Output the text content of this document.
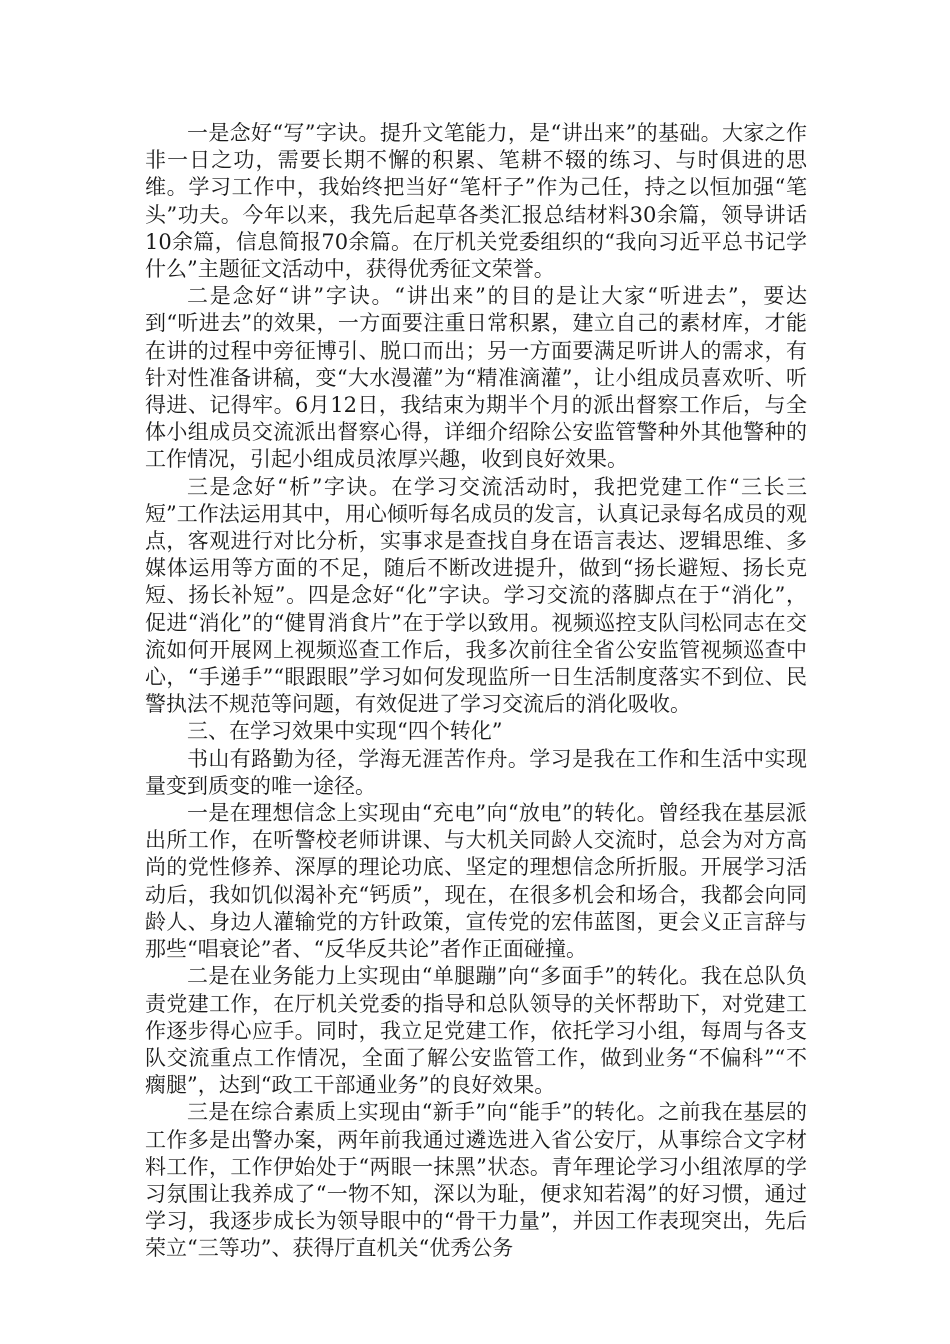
一是念好“写”字诀。提升文笔能力，是“讲出来”的基础。大家之作非一日之功，需要长期不懈的积累、笔耕不辍的练习、与时俱进的思维。学习工作中，我始终把当好“笔杆子”作为己任，持之以恒加强“笔头”功夫。今年以来，我先后起草各类汇报总结材料30余篇，领导讲话10余篇，信息简报70余篇。在厅机关党委组织的“我向习近平总书记学什么”主题征文活动中，获得优秀征文荣誉。

二是念好“讲”字诀。“讲出来”的目的是让大家“听进去”，要达到“听进去”的效果，一方面要注重日常积累，建立自己的素材库，才能在讲的过程中旁征博引、脱口而出；另一方面要满足听讲人的需求，有针对性准备讲稿，变“大水漫灌”为“精准滴灌”，让小组成员喜欢听、听得进、记得牢。6月12日，我结束为期半个月的派出督察工作后，与全体小组成员交流派出督察心得，详细介绍除公安监管警种外其他警种的工作情况，引起小组成员浓厚兴趣，收到良好效果。

三是念好“析”字诀。在学习交流活动时，我把党建工作“三长三短”工作法运用其中，用心倾听每名成员的发言，认真记录每名成员的观点，客观进行对比分析，实事求是查找自身在语言表达、逻辑思维、多媒体运用等方面的不足，随后不断改进提升，做到“扬长避短、扬长克短、扬长补短”。四是念好“化”字诀。学习交流的落脚点在于“消化”，促进“消化”的“健胃消食片”在于学以致用。视频巡控支队闫松同志在交流如何开展网上视频巡查工作后，我多次前往全省公安监管视频巡查中心，“手递手”“眼跟眼”学习如何发现监所一日生活制度落实不到位、民警执法不规范等问题，有效促进了学习交流后的消化吸收。

三、在学习效果中实现“四个转化”

书山有路勤为径，学海无涯苦作舟。学习是我在工作和生活中实现量变到质变的唯一途径。

一是在理想信念上实现由“充电”向“放电”的转化。曾经我在基层派出所工作，在听警校老师讲课、与大机关同龄人交流时，总会为对方高尚的党性修养、深厚的理论功底、坚定的理想信念所折服。开展学习活动后，我如饥似渴补充“钙质”，现在，在很多机会和场合，我都会向同龄人、身边人灌输党的方针政策，宣传党的宏伟蓝图，更会义正言辞与那些“唱衰论”者、“反华反共论”者作正面碰撞。

二是在业务能力上实现由“单腿蹦”向“多面手”的转化。我在总队负责党建工作，在厅机关党委的指导和总队领导的关怀帮助下，对党建工作逐步得心应手。同时，我立足党建工作，依托学习小组，每周与各支队交流重点工作情况，全面了解公安监管工作，做到业务“不偏科”“不瘸腿”，达到“政工干部通业务”的良好效果。

三是在综合素质上实现由“新手”向“能手”的转化。之前我在基层的工作多是出警办案，两年前我通过遴选进入省公安厅，从事综合文字材料工作，工作伊始处于“两眼一抹黑”状态。青年理论学习小组浓厚的学习氛围让我养成了“一物不知，深以为耻，便求知若渴”的好习惯，通过学习，我逐步成长为领导眼中的“骨干力量”，并因工作表现突出，先后荣立“三等功”、获得厅直机关“优秀公务
